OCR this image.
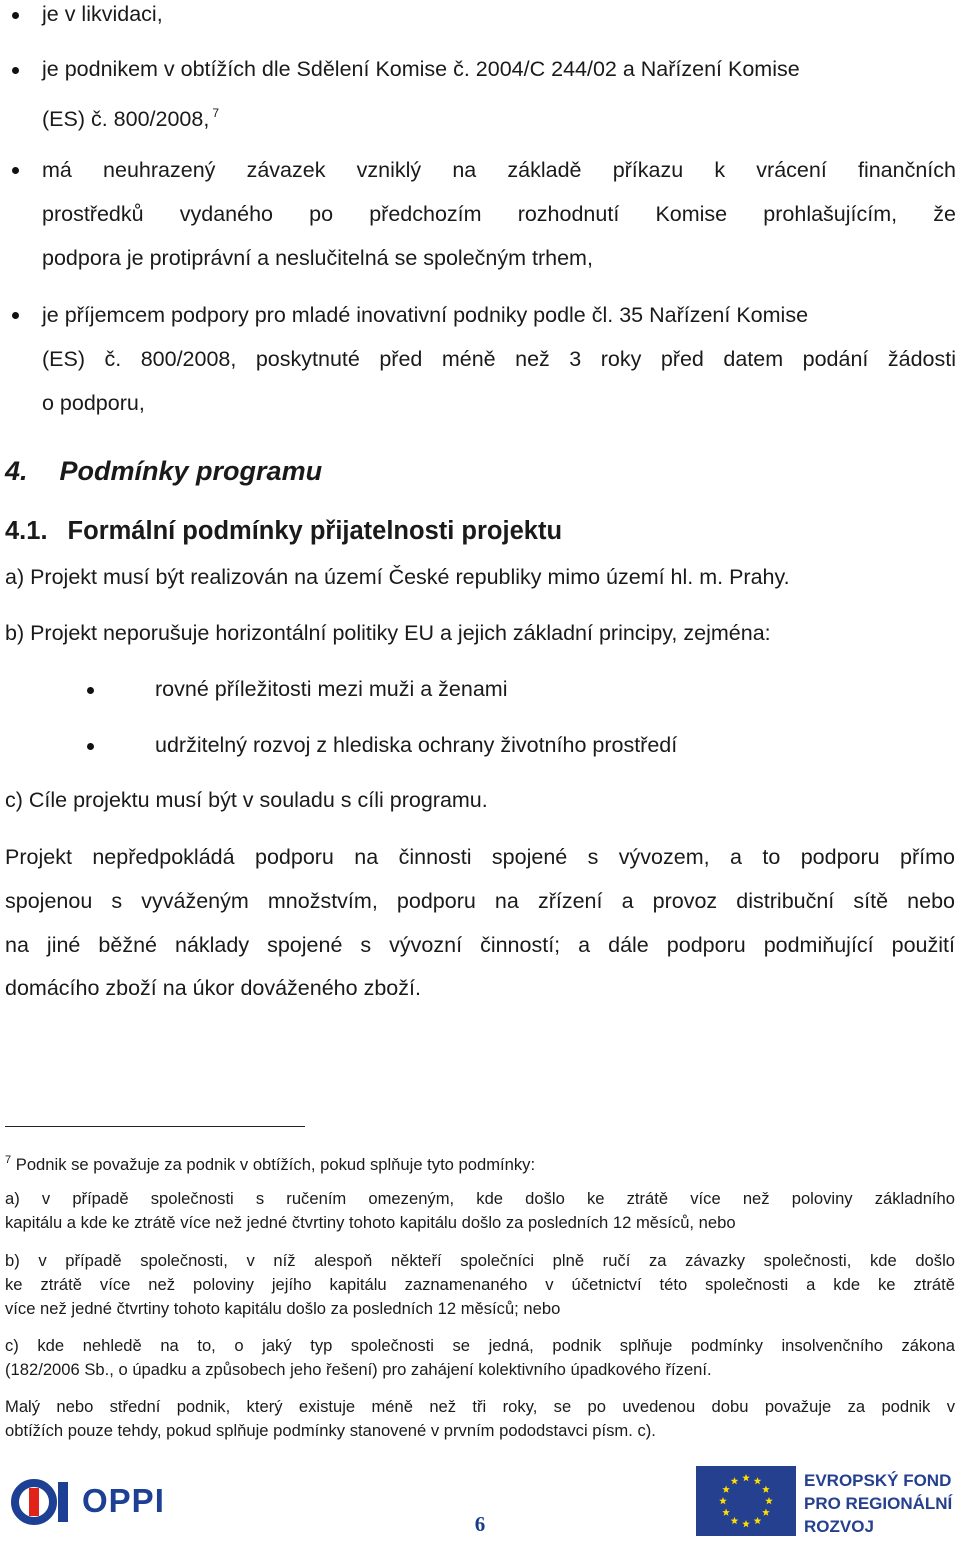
je v likvidaci,
je podnikem v obtížích dle Sdělení Komise č. 2004/C 244/02 a Nařízení Komise
(ES) č. 800/2008, $^7$
má neuhrazený závazek vzniklý na základě příkazu k vrácení finančních
prostředků vydaného po předchozím rozhodnutí Komise prohlašujícím, že
podpora je protiprávní a neslučitelná se společným trhem,
je příjemcem podpory pro mladé inovativní podniky podle čl. 35 Nařízení Komise
(ES) č. 800/2008, poskytnuté před méně než 3 roky před datem podání žádosti
o podporu,
4. Podmínky programu
4.1. Formální podmínky přijatelnosti projektu
a) Projekt musí být realizován na území České republiky mimo území hl. m. Prahy.
b) Projekt neporušuje horizontální politiky EU a jejich základní principy, zejména:
rovné příležitosti mezi muži a ženami
udržitelný rozvoj z hlediska ochrany životního prostředí
c) Cíle projektu musí být v souladu s cíli programu.
Projekt nepředpokládá podporu na činnosti spojené s vývozem, a to podporu přímo
spojenou s vyváženým množstvím, podporu na zřízení a provoz distribuční sítě nebo
na jiné běžné náklady spojené s vývozní činností; a dále podporu podmiňující použití
domácího zboží na úkor dováženého zboží.
$^7$ Podnik se považuje za podnik v obtížích, pokud splňuje tyto podmínky:
a) v případě společnosti s ručením omezeným, kde došlo ke ztrátě více než poloviny základního
kapitálu a kde ke ztrátě více než jedné čtvrtiny tohoto kapitálu došlo za posledních 12 měsíců, nebo
b) v případě společnosti, v níž alespoň někteří společníci plně ručí za závazky společnosti, kde došlo
ke ztrátě více než poloviny jejího kapitálu zaznamenaného v účetnictví této společnosti a kde ke ztrátě
více než jedné čtvrtiny tohoto kapitálu došlo za posledních 12 měsíců; nebo
c) kde nehledě na to, o jaký typ společnosti se jedná, podnik splňuje podmínky insolvenčního zákona
(182/2006 Sb., o úpadku a způsobech jeho řešení) pro zahájení kolektivního úpadkového řízení.
Malý nebo střední podnik, který existuje méně než tři roky, se po uvedenou dobu považuje za podnik v
obtížích pouze tehdy, pokud splňuje podmínky stanovené v prvním pododstavci písm. c).
OPPI
6
EVROPSKÝ FOND
PRO REGIONÁLNÍ
ROZVOJ
